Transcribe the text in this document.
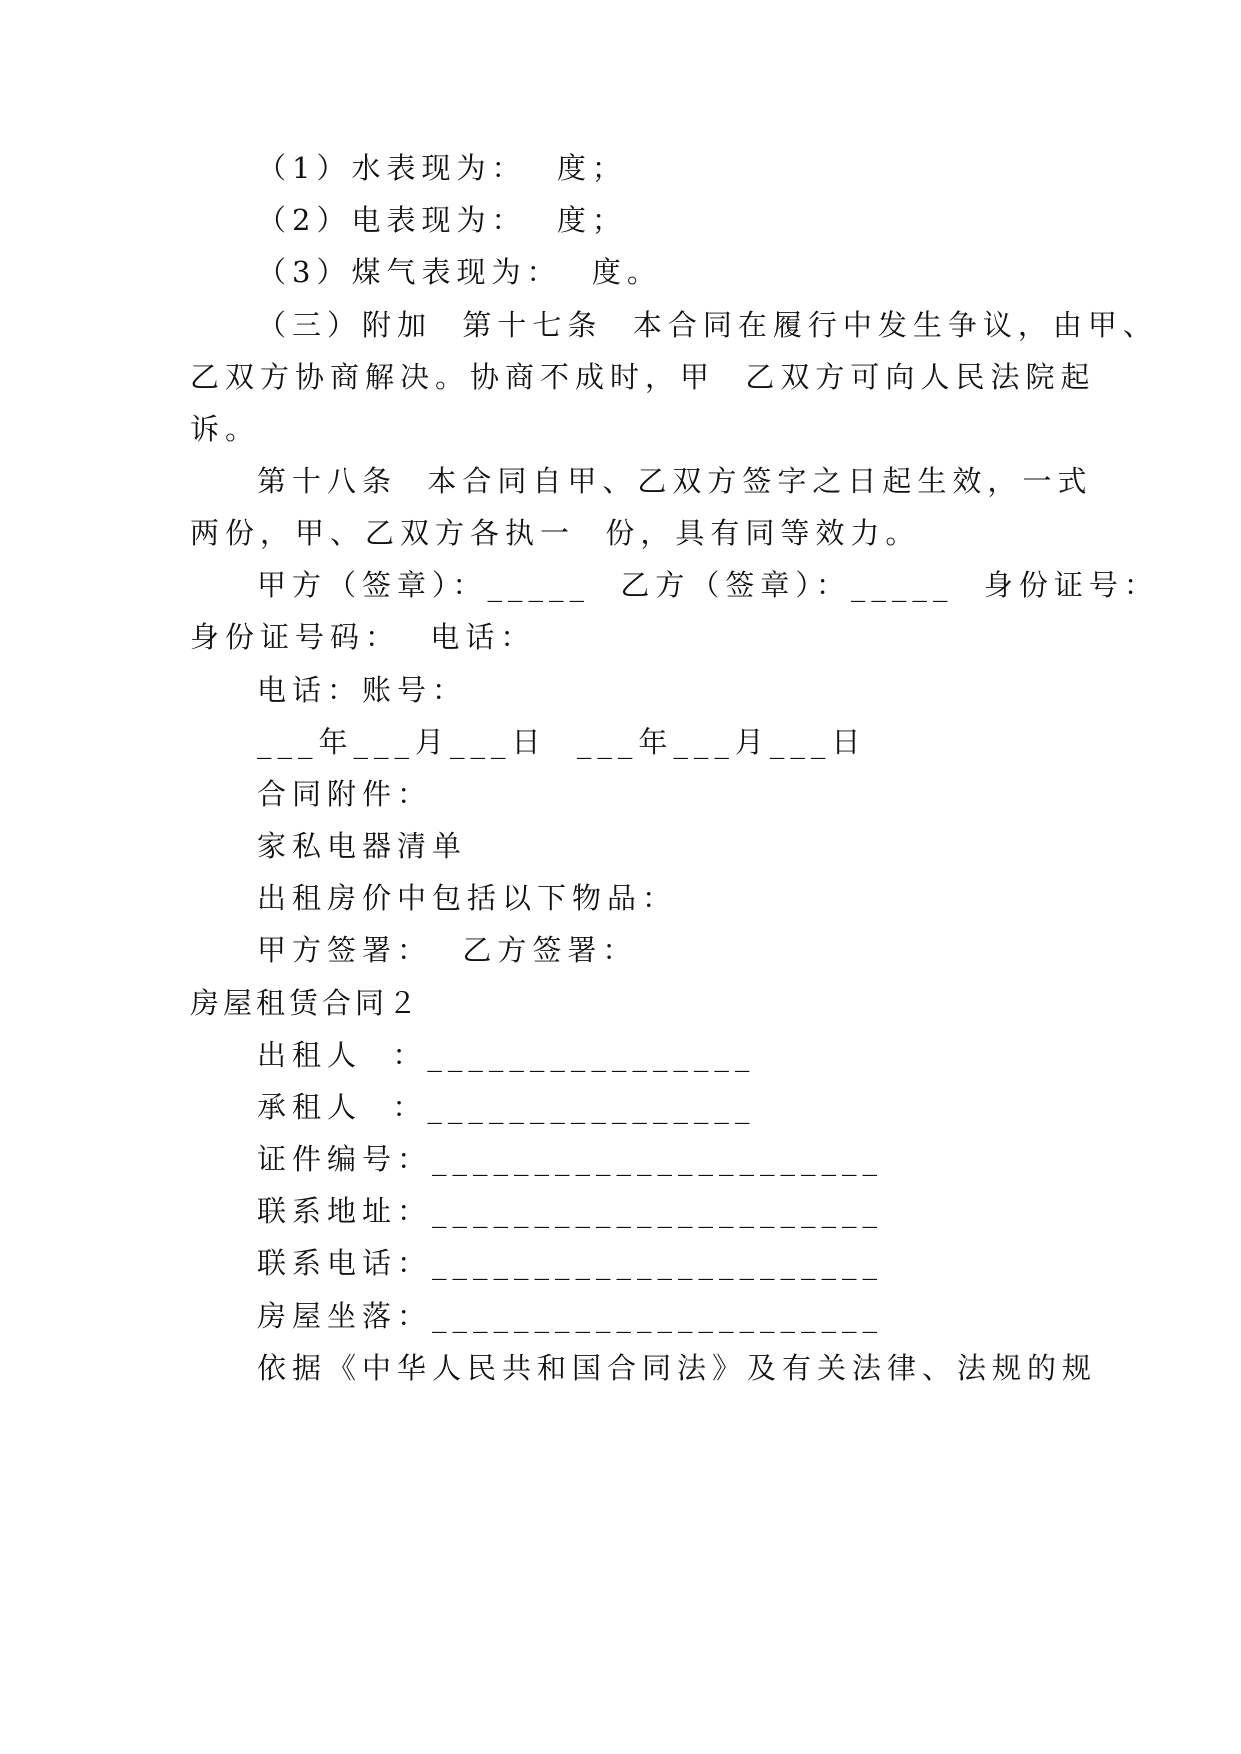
（1）水表现为：  度；
（2）电表现为：  度；
（3）煤气表现为：  度。
（三）附加  第十七条  本合同在履行中发生争议，由甲、
乙双方协商解决。协商不成时，甲  乙双方可向人民法院起
诉。
第十八条  本合同自甲、乙双方签字之日起生效，一式
两份，甲、乙双方各执一  份，具有同等效力。
甲方（签章）：_____  乙方（签章）：_____  身份证号：
身份证号码：  电话：
电话：账号：
___年___月___日  ___年___月___日
合同附件：
家私电器清单
出租房价中包括以下物品：
甲方签署：  乙方签署：
房屋租赁合同２
出租人  ：________________
承租人  ：________________
证件编号：______________________
联系地址：______________________
联系电话：______________________
房屋坐落：______________________
依据《中华人民共和国合同法》及有关法律、法规的规
